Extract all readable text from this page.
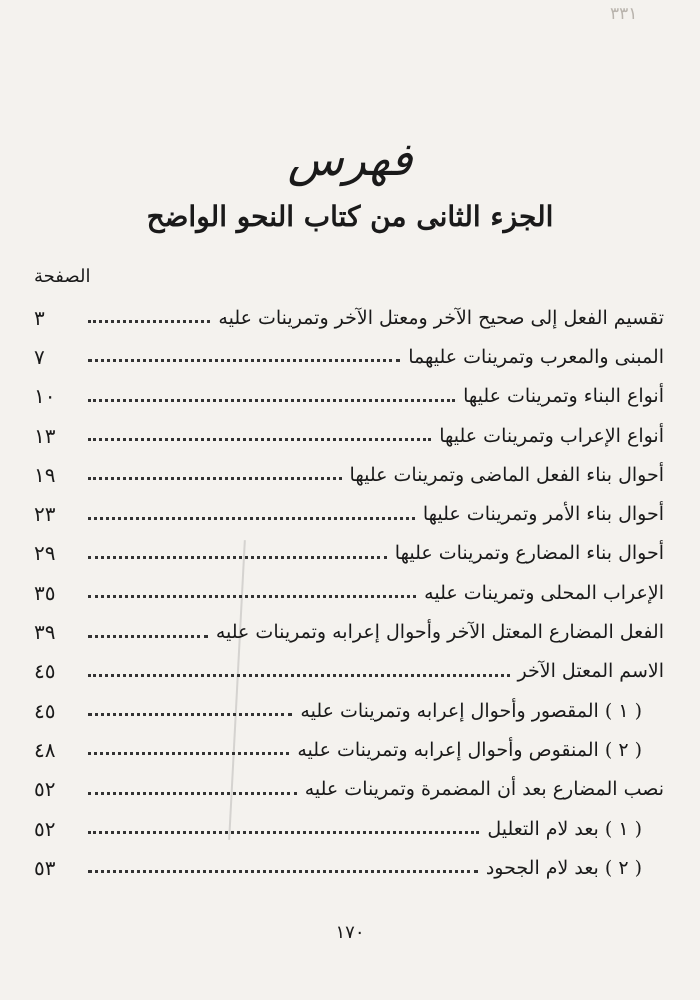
٣٣١
فهرس
الجزء الثانى من كتاب النحو الواضح
الصفحة
تقسيم الفعل إلى صحيح الآخر ومعتل الآخر وتمرينات عليه
٣
المبنى والمعرب وتمرينات عليهما
٧
أنواع البناء وتمرينات عليها
١٠
أنواع الإعراب وتمرينات عليها
١٣
أحوال بناء الفعل الماضى وتمرينات عليها
١٩
أحوال بناء الأمر وتمرينات عليها
٢٣
أحوال بناء المضارع وتمرينات عليها
٢٩
الإعراب المحلى وتمرينات عليه
٣٥
الفعل المضارع المعتل الآخر وأحوال إعرابه وتمرينات عليه
٣٩
الاسم المعتل الآخر
٤٥
( ١ ) المقصور وأحوال إعرابه وتمرينات عليه
٤٥
( ٢ ) المنقوص وأحوال إعرابه وتمرينات عليه
٤٨
نصب المضارع بعد أن المضمرة وتمرينات عليه
٥٢
( ١ ) بعد لام التعليل
٥٢
( ٢ ) بعد لام الجحود
٥٣
١٧٠
